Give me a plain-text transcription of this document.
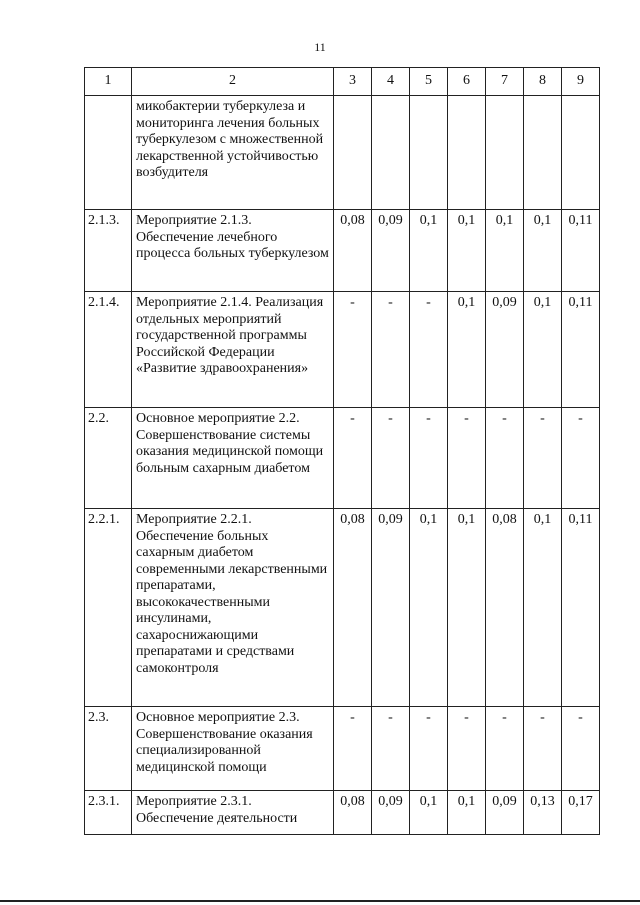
11
1	2	3	4	5	6	7	8	9
	микобактерии туберкулеза и мониторинга лечения больных туберкулезом с множественной лекарственной устойчивостью возбудителя							
2.1.3.	Мероприятие 2.1.3. Обеспечение лечебного процесса больных туберкулезом	0,08	0,09	0,1	0,1	0,1	0,1	0,11
2.1.4.	Мероприятие 2.1.4. Реализация отдельных мероприятий государственной программы Российской Федерации «Развитие здравоохранения»	-	-	-	0,1	0,09	0,1	0,11
2.2.	Основное мероприятие 2.2. Совершенствование системы оказания медицинской помощи больным сахарным диабетом	-	-	-	-	-	-	-
2.2.1.	Мероприятие 2.2.1. Обеспечение больных сахарным диабетом современными лекарственными препаратами, высококачественными инсулинами, сахароснижающими препаратами и средствами самоконтроля	0,08	0,09	0,1	0,1	0,08	0,1	0,11
2.3.	Основное мероприятие 2.3. Совершенствование оказания специализированной медицинской помощи	-	-	-	-	-	-	-
2.3.1.	Мероприятие 2.3.1. Обеспечение деятельности	0,08	0,09	0,1	0,1	0,09	0,13	0,17
